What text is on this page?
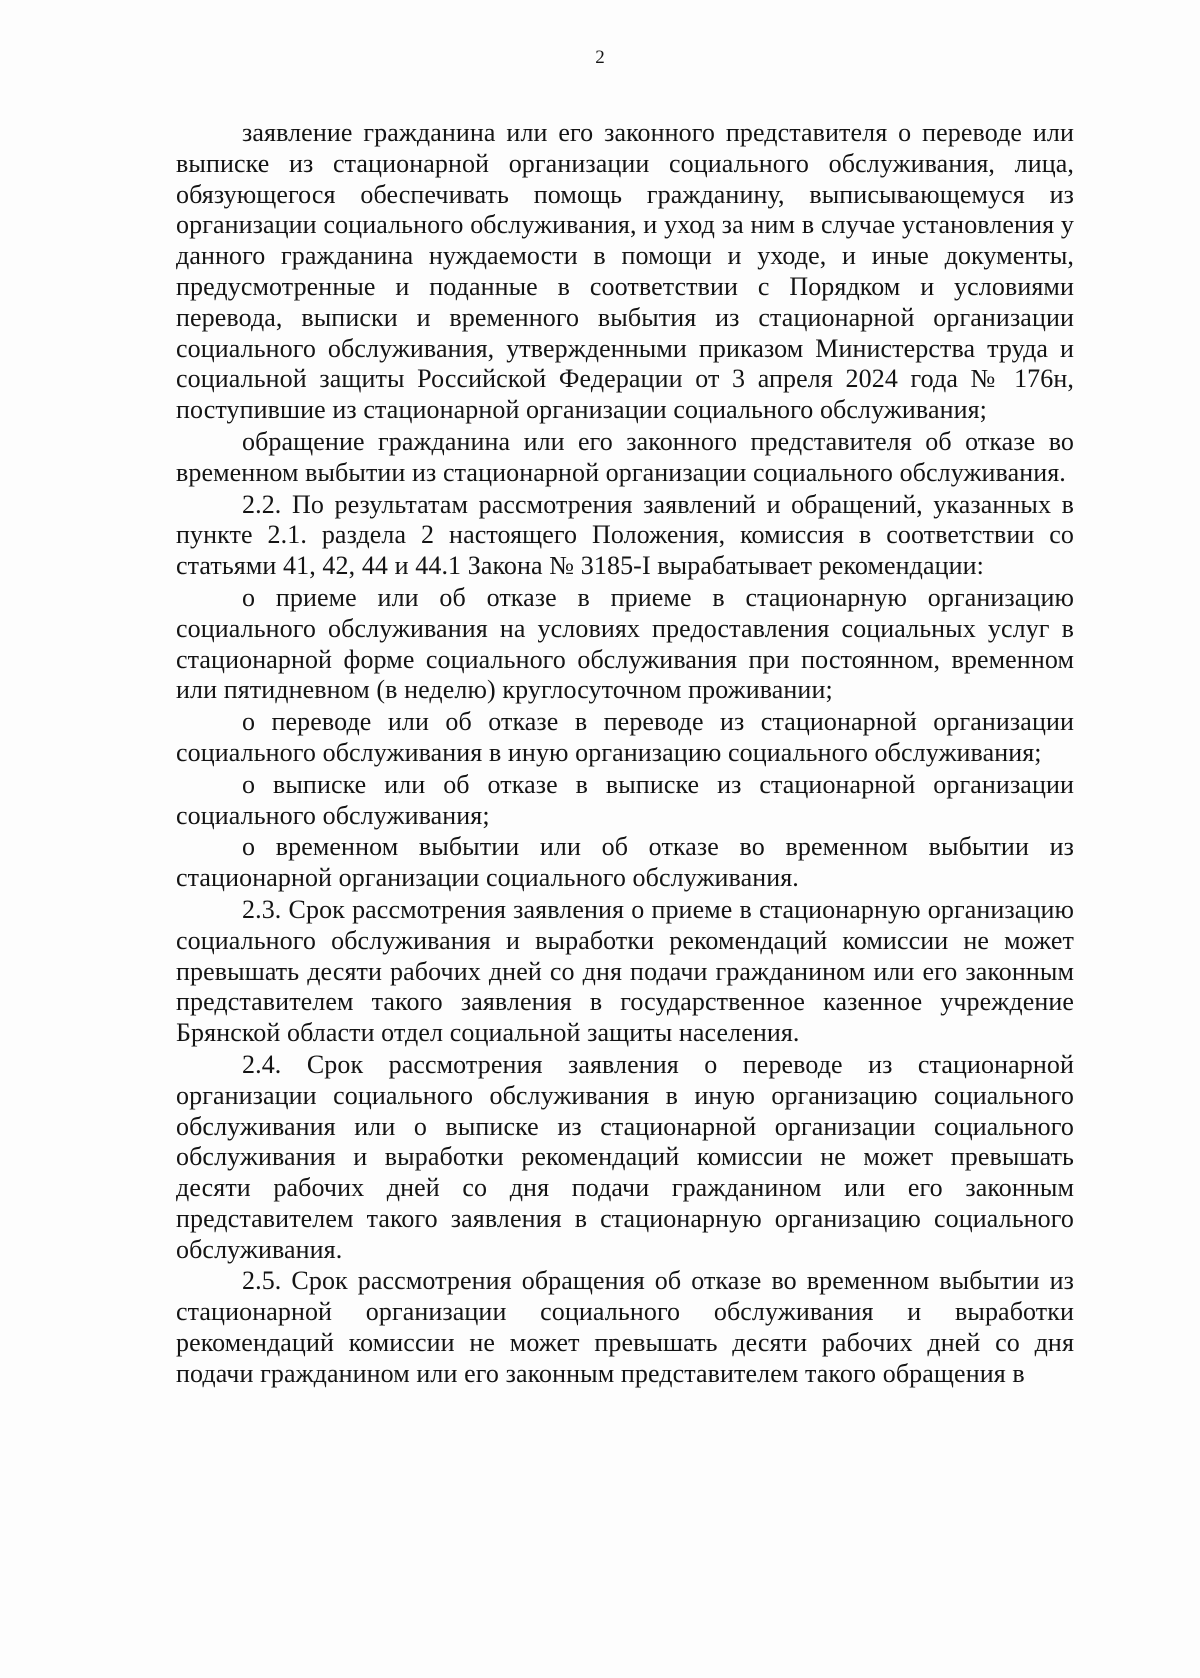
2

заявление гражданина или его законного представителя о переводе или выписке из стационарной организации социального обслуживания, лица, обязующегося обеспечивать помощь гражданину, выписывающемуся из организации социального обслуживания, и уход за ним в случае установления у данного гражданина нуждаемости в помощи и уходе, и иные документы, предусмотренные и поданные в соответствии с Порядком и условиями перевода, выписки и временного выбытия из стационарной организации социального обслуживания, утвержденными приказом Министерства труда и социальной защиты Российской Федерации от 3 апреля 2024 года № 176н, поступившие из стационарной организации социального обслуживания;

обращение гражданина или его законного представителя об отказе во временном выбытии из стационарной организации социального обслуживания.

2.2. По результатам рассмотрения заявлений и обращений, указанных в пункте 2.1. раздела 2 настоящего Положения, комиссия в соответствии со статьями 41, 42, 44 и 44.1 Закона № 3185-I вырабатывает рекомендации:

о приеме или об отказе в приеме в стационарную организацию социального обслуживания на условиях предоставления социальных услуг в стационарной форме социального обслуживания при постоянном, временном или пятидневном (в неделю) круглосуточном проживании;

о переводе или об отказе в переводе из стационарной организации социального обслуживания в иную организацию социального обслуживания;

о выписке или об отказе в выписке из стационарной организации социального обслуживания;

о временном выбытии или об отказе во временном выбытии из стационарной организации социального обслуживания.

2.3. Срок рассмотрения заявления о приеме в стационарную организацию социального обслуживания и выработки рекомендаций комиссии не может превышать десяти рабочих дней со дня подачи гражданином или его законным представителем такого заявления в государственное казенное учреждение Брянской области отдел социальной защиты населения.

2.4. Срок рассмотрения заявления о переводе из стационарной организации социального обслуживания в иную организацию социального обслуживания или о выписке из стационарной организации социального обслуживания и выработки рекомендаций комиссии не может превышать десяти рабочих дней со дня подачи гражданином или его законным представителем такого заявления в стационарную организацию социального обслуживания.

2.5. Срок рассмотрения обращения об отказе во временном выбытии из стационарной организации социального обслуживания и выработки рекомендаций комиссии не может превышать десяти рабочих дней со дня подачи гражданином или его законным представителем такого обращения в
